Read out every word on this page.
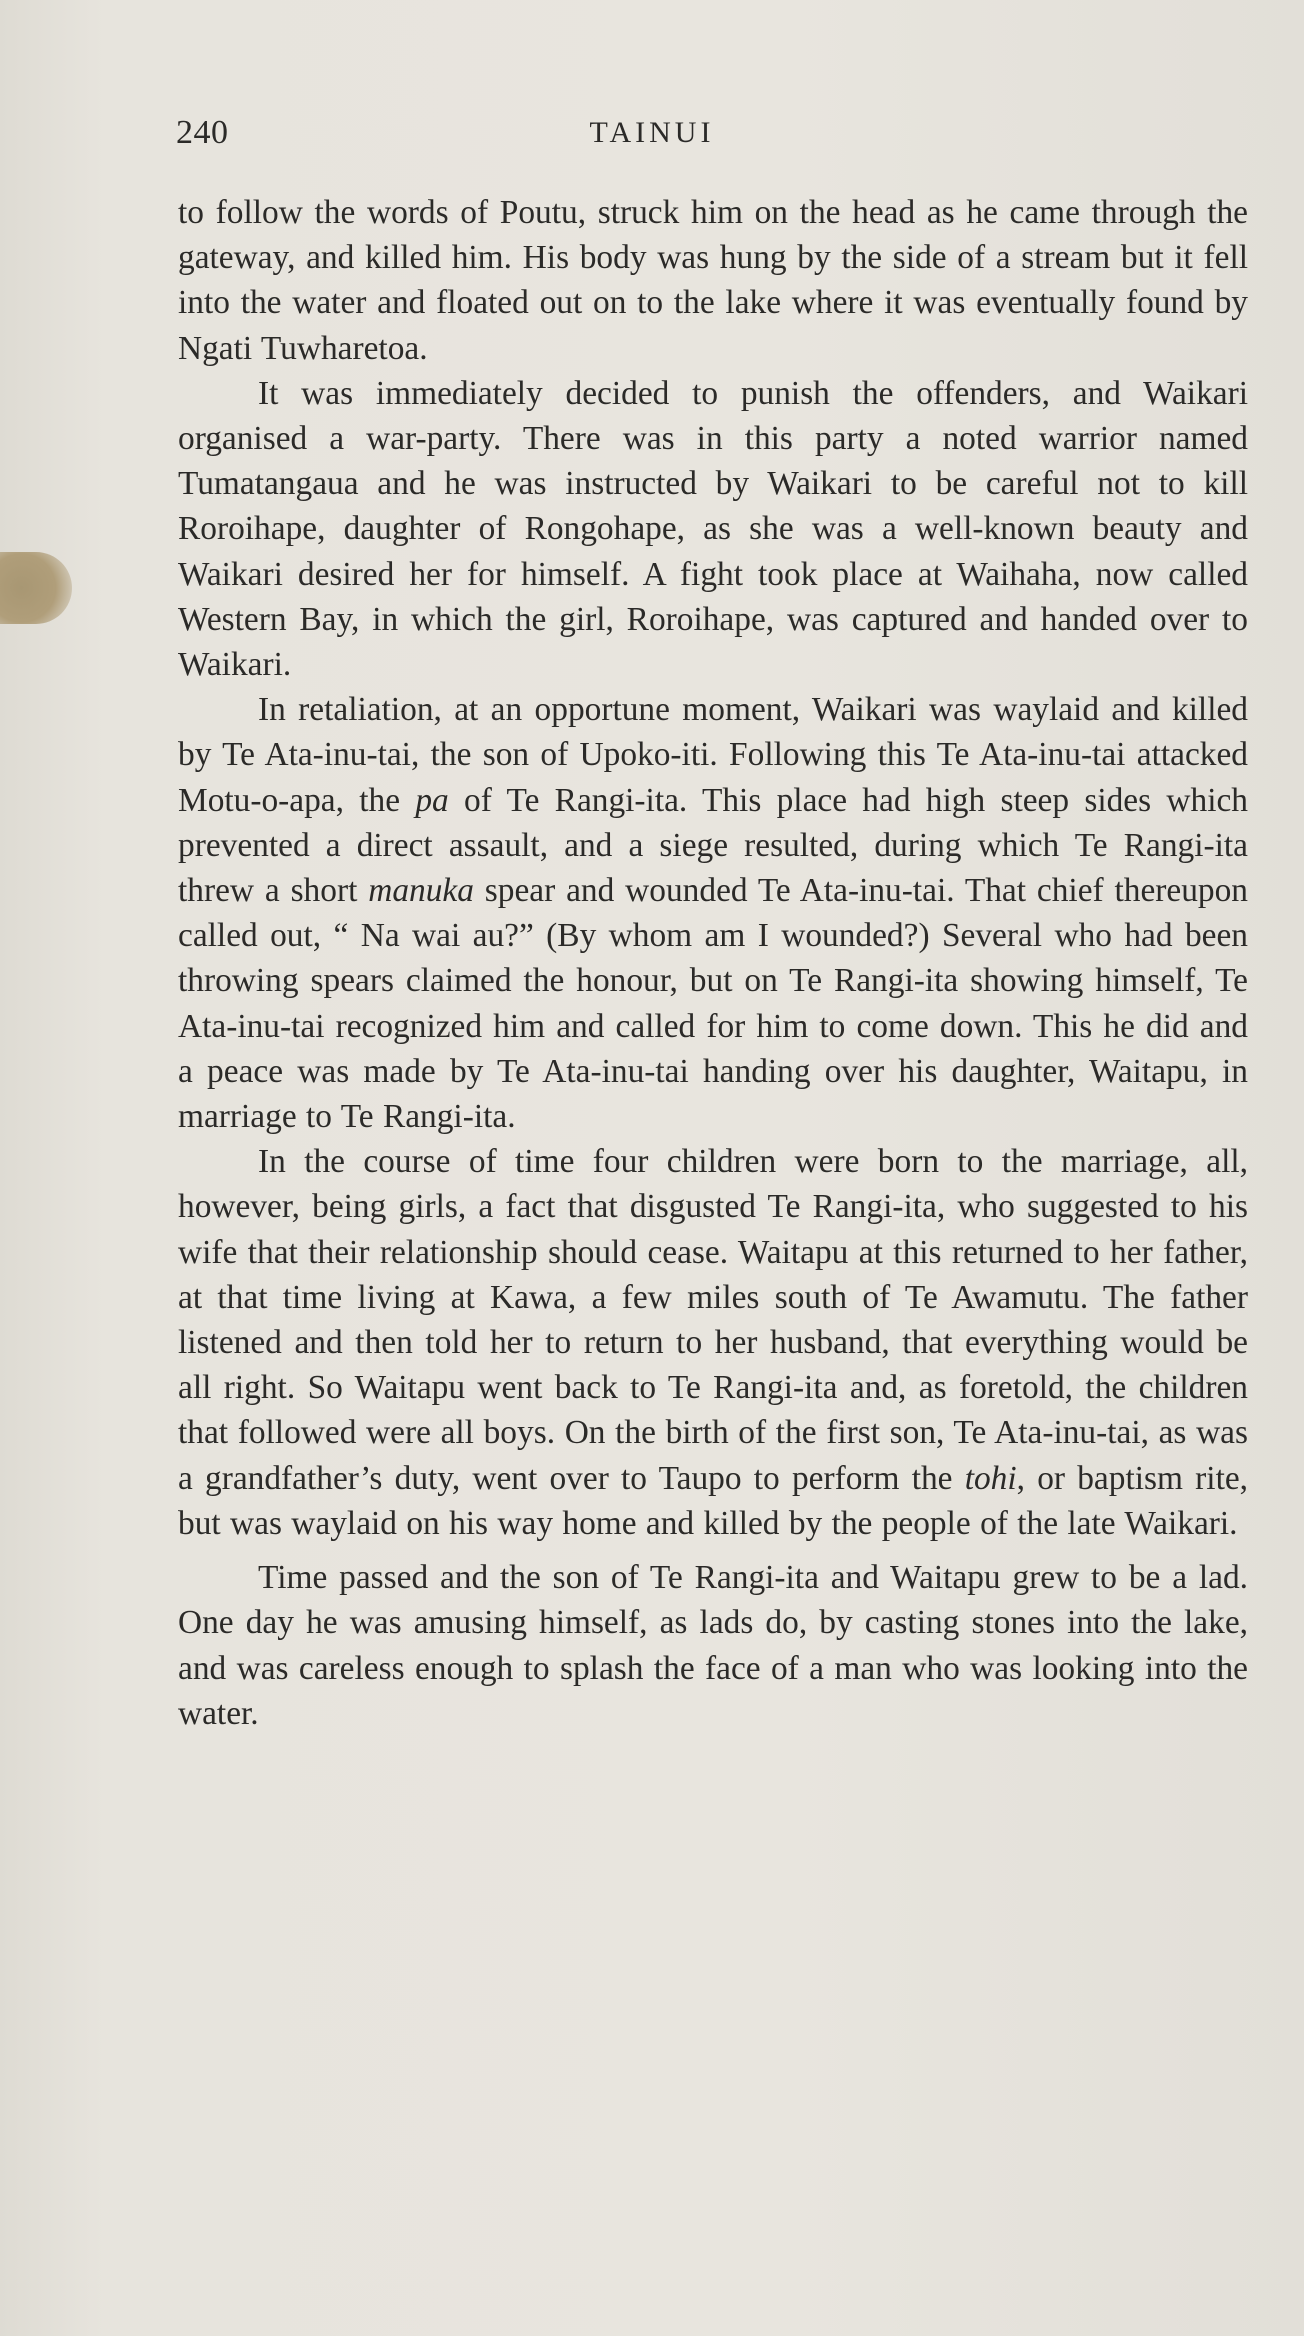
240	TAINUI

to follow the words of Poutu, struck him on the head as he came through the gateway, and killed him. His body was hung by the side of a stream but it fell into the water and floated out on to the lake where it was eventually found by Ngati Tuwharetoa.

It was immediately decided to punish the offenders, and Waikari organised a war-party. There was in this party a noted warrior named Tumatangaua and he was instructed by Waikari to be careful not to kill Roroihape, daughter of Rongohape, as she was a well-known beauty and Waikari desired her for himself. A fight took place at Waihaha, now called Western Bay, in which the girl, Roroihape, was captured and handed over to Waikari.

In retaliation, at an opportune moment, Waikari was waylaid and killed by Te Ata-inu-tai, the son of Upoko-iti. Following this Te Ata-inu-tai attacked Motu-o-apa, the pa of Te Rangi-ita. This place had high steep sides which prevented a direct assault, and a siege resulted, during which Te Rangi-ita threw a short manuka spear and wounded Te Ata-inu-tai. That chief thereupon called out, “ Na wai au?” (By whom am I wounded?) Several who had been throwing spears claimed the honour, but on Te Rangi-ita showing himself, Te Ata-inu-tai recognized him and called for him to come down. This he did and a peace was made by Te Ata-inu-tai handing over his daughter, Waitapu, in marriage to Te Rangi-ita.

In the course of time four children were born to the marriage, all, however, being girls, a fact that disgusted Te Rangi-ita, who suggested to his wife that their relationship should cease. Waitapu at this returned to her father, at that time living at Kawa, a few miles south of Te Awamutu. The father listened and then told her to return to her husband, that everything would be all right. So Waitapu went back to Te Rangi-ita and, as foretold, the children that followed were all boys. On the birth of the first son, Te Ata-inu-tai, as was a grandfather’s duty, went over to Taupo to perform the tohi, or baptism rite, but was waylaid on his way home and killed by the people of the late Waikari.

Time passed and the son of Te Rangi-ita and Waitapu grew to be a lad. One day he was amusing himself, as lads do, by casting stones into the lake, and was careless enough to splash the face of a man who was looking into the water.
